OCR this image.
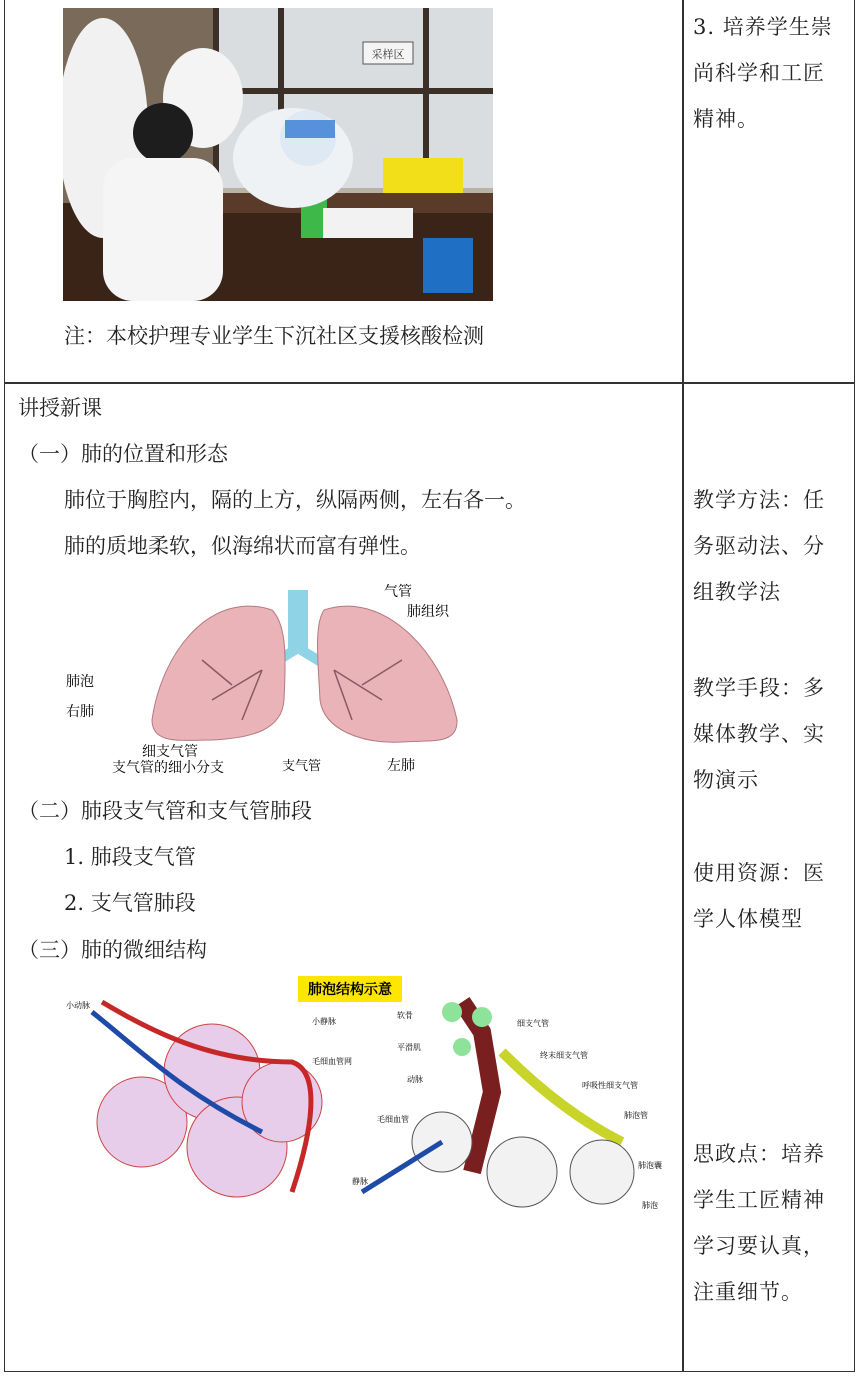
采样区
注：本校护理专业学生下沉社区支援核酸检测
3. 培养学生崇
尚科学和工匠
精神。
讲授新课
（一）肺的位置和形态
肺位于胸腔内，隔的上方，纵隔两侧，左右各一。
肺的质地柔软，似海绵状而富有弹性。
气管
肺组织
肺泡
右肺
细支气管
支气管的细小分支	支气管	左肺
（二）肺段支气管和支气管肺段
1. 肺段支气管
2. 支气管肺段
（三）肺的微细结构
肺泡结构示意
小动脉
小静脉
毛细血管网
软骨
平滑肌
动脉
毛细血管
静脉
细支气管
终末细支气管
呼吸性细支气管
肺泡管
肺泡囊
肺泡
教学方法：任
务驱动法、分
组教学法
教学手段：多
媒体教学、实
物演示
使用资源：医
学人体模型
思政点：培养
学生工匠精神
学习要认真，
注重细节。
